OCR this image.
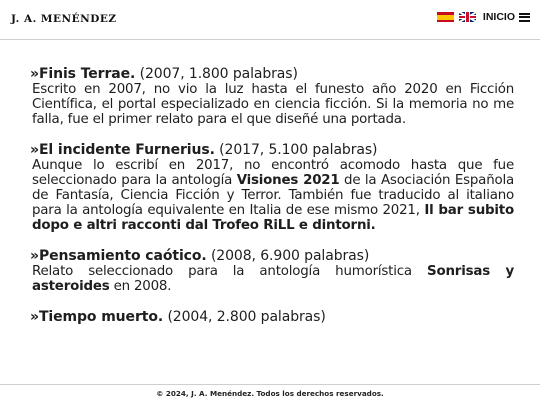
J. A. MENÉNDEZ	INICIO
»Finis Terrae. (2007, 1.800 palabras)
Escrito en 2007, no vio la luz hasta el funesto año 2020 en Ficción Científica, el portal especializado en ciencia ficción. Si la memoria no me falla, fue el primer relato para el que diseñé una portada.
»El incidente Furnerius. (2017, 5.100 palabras)
Aunque lo escribí en 2017, no encontró acomodo hasta que fue seleccionado para la antología Visiones 2021 de la Asociación Española de Fantasía, Ciencia Ficción y Terror. También fue traducido al italiano para la antología equivalente en Italia de ese mismo 2021, Il bar subito dopo e altri racconti dal Trofeo RiLL e dintorni.
»Pensamiento caótico. (2008, 6.900 palabras)
Relato seleccionado para la antología humorística Sonrisas y asteroides en 2008.
»Tiempo muerto. (2004, 2.800 palabras)
© 2024, J. A. Menéndez. Todos los derechos reservados.
